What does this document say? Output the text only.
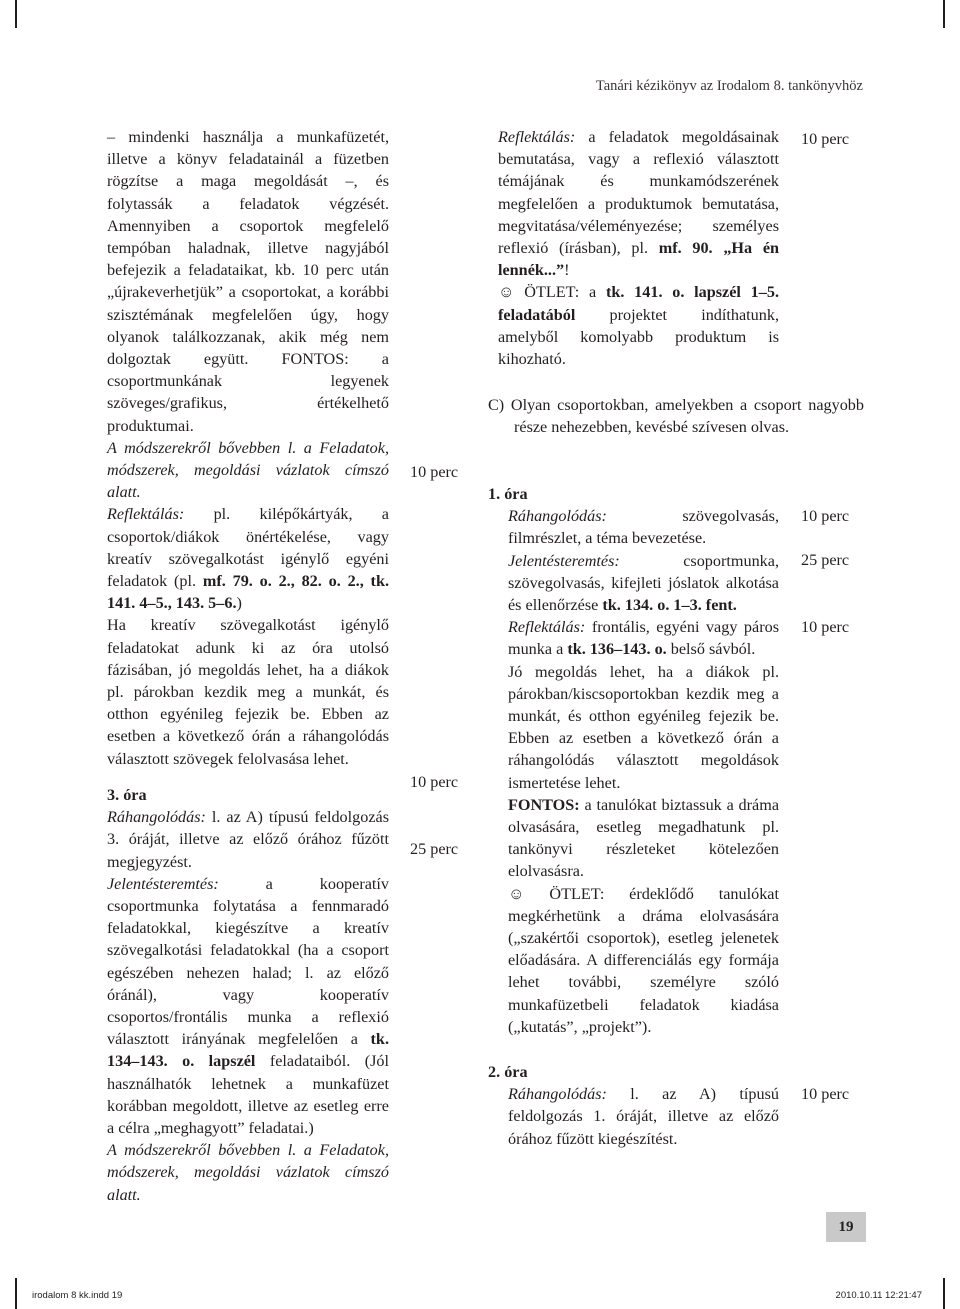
Tanári kézikönyv az Irodalom 8. tankönyvhöz

– mindenki használja a munkafüzetét, illetve a könyv feladatainál a füzetben rögzítse a maga megoldását –, és folytassák a feladatok végzését. Amennyiben a csoportok megfelelő tempóban haladnak, illetve nagyjából befejezik a feladataikat, kb. 10 perc után „újrakeverhetjük” a csoportokat, a korábbi szisztémának megfelelően úgy, hogy olyanok találkozzanak, akik még nem dolgoztak együtt. FONTOS: a csoportmunkának legyenek szöveges/grafikus, értékelhető produktumai.

A módszerekről bővebben l. a Feladatok, módszerek, megoldási vázlatok címszó alatt.

Reflektálás: pl. kilépőkártyák, a csoportok/diákok önértékelése, vagy kreatív szövegalkotást igénylő egyéni feladatok (pl. mf. 79. o. 2., 82. o. 2., tk. 141. 4–5., 143. 5–6.)

Ha kreatív szövegalkotást igénylő feladatokat adunk ki az óra utolsó fázisában, jó megoldás lehet, ha a diákok pl. párokban kezdik meg a munkát, és otthon egyénileg fejezik be. Ebben az esetben a következő órán a ráhangolódás választott szövegek felolvasása lehet.

3. óra

Ráhangolódás: l. az A) típusú feldolgozás 3. óráját, illetve az előző órához fűzött megjegyzést.

Jelentésteremtés: a kooperatív csoportmunka folytatása a fennmaradó feladatokkal, kiegészítve a kreatív szövegalkotási feladatokkal (ha a csoport egészében nehezen halad; l. az előző óránál), vagy kooperatív csoportos/frontális munka a reflexió választott irányának megfelelően a tk. 134–143. o. lapszél feladataiból. (Jól használhatók lehetnek a munkafüzet korábban megoldott, illetve az esetleg erre a célra „meghagyott” feladatai.)

A módszerekről bővebben l. a Feladatok, módszerek, megoldási vázlatok címszó alatt.

10 perc
10 perc
25 perc

Reflektálás: a feladatok megoldásainak bemutatása, vagy a reflexió választott témájának és munkamódszerének megfelelően a produktumok bemutatása, megvitatása/véleményezése; személyes reflexió (írásban), pl. mf. 90. „Ha én lennék...”!

☺ ÖTLET: a tk. 141. o. lapszél 1–5. feladatából projektet indíthatunk, amelyből komolyabb produktum is kihozható.

C) Olyan csoportokban, amelyekben a csoport nagyobb része nehezebben, kevésbé szívesen olvas.

1. óra

Ráhangolódás: szövegolvasás, filmrészlet, a téma bevezetése.

Jelentésteremtés: csoportmunka, szövegolvasás, kifejleti jóslatok alkotása és ellenőrzése tk. 134. o. 1–3. fent.

Reflektálás: frontális, egyéni vagy páros munka a tk. 136–143. o. belső sávból.

Jó megoldás lehet, ha a diákok pl. párokban/kiscsoportokban kezdik meg a munkát, és otthon egyénileg fejezik be. Ebben az esetben a következő órán a ráhangolódás választott megoldások ismertetése lehet.

FONTOS: a tanulókat biztassuk a dráma olvasására, esetleg megadhatunk pl. tankönyvi részleteket kötelezően elolvasásra.

☺ ÖTLET: érdeklődő tanulókat megkérhetünk a dráma elolvasására („szakértői csoportok), esetleg jelenetek előadására. A differenciálás egy formája lehet további, személyre szóló munkafüzetbeli feladatok kiadása („kutatás”, „projekt”).

2. óra

Ráhangolódás: l. az A) típusú feldolgozás 1. óráját, illetve az előző órához fűzött kiegészítést.

10 perc
10 perc
25 perc
10 perc
10 perc
19
irodalom 8 kk.indd 19	2010.10.11 12:21:47
